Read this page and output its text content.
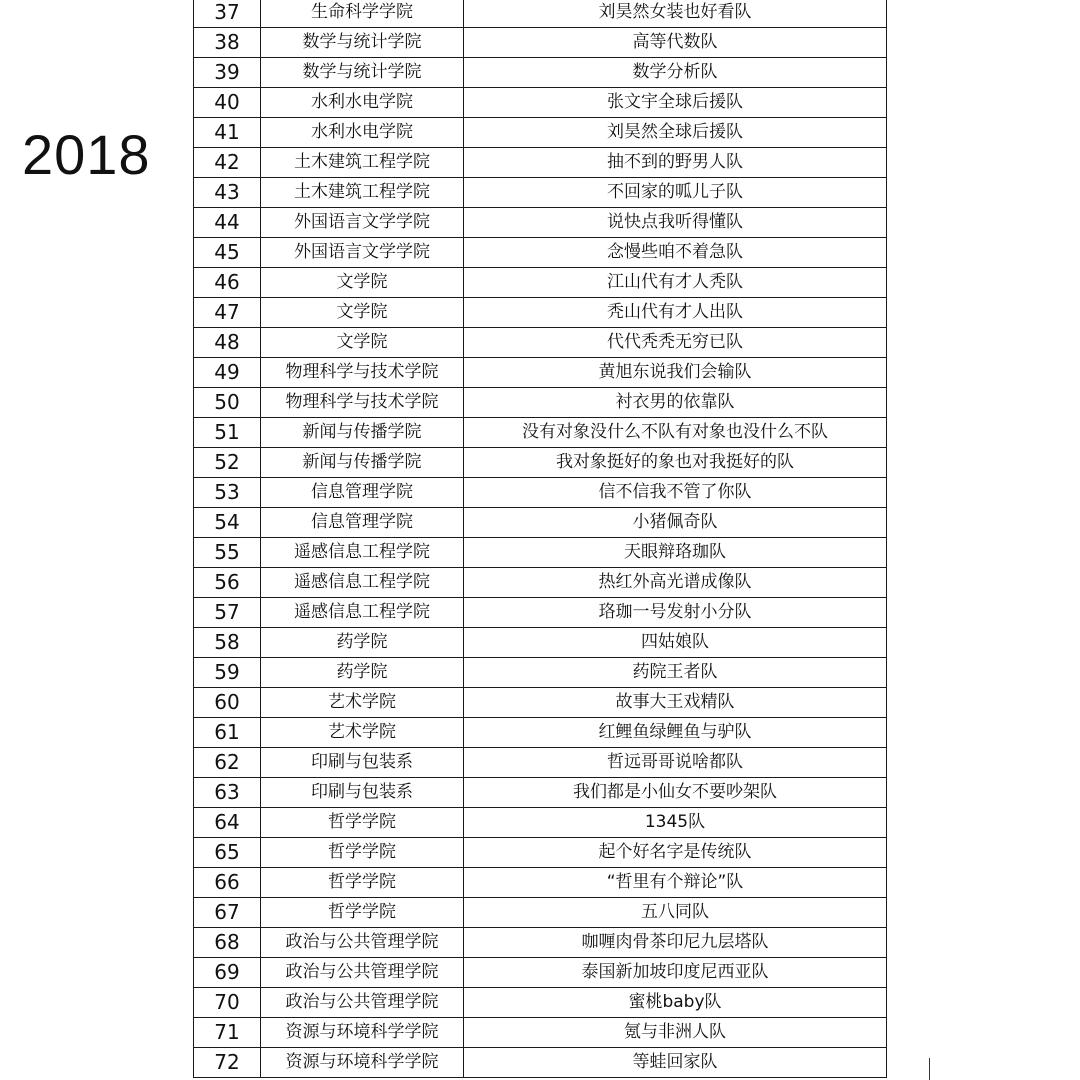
2018
37	生命科学学院	刘昊然女装也好看队
38	数学与统计学院	高等代数队
39	数学与统计学院	数学分析队
40	水利水电学院	张文宇全球后援队
41	水利水电学院	刘昊然全球后援队
42	土木建筑工程学院	抽不到的野男人队
43	土木建筑工程学院	不回家的呱儿子队
44	外国语言文学学院	说快点我听得懂队
45	外国语言文学学院	念慢些咱不着急队
46	文学院	江山代有才人秃队
47	文学院	秃山代有才人出队
48	文学院	代代秃秃无穷已队
49	物理科学与技术学院	黄旭东说我们会输队
50	物理科学与技术学院	衬衣男的依靠队
51	新闻与传播学院	没有对象没什么不队有对象也没什么不队
52	新闻与传播学院	我对象挺好的象也对我挺好的队
53	信息管理学院	信不信我不管了你队
54	信息管理学院	小猪佩奇队
55	遥感信息工程学院	天眼辩珞珈队
56	遥感信息工程学院	热红外高光谱成像队
57	遥感信息工程学院	珞珈一号发射小分队
58	药学院	四姑娘队
59	药学院	药院王者队
60	艺术学院	故事大王戏精队
61	艺术学院	红鲤鱼绿鲤鱼与驴队
62	印刷与包装系	哲远哥哥说啥都队
63	印刷与包装系	我们都是小仙女不要吵架队
64	哲学学院	1345队
65	哲学学院	起个好名字是传统队
66	哲学学院	“哲里有个辩论”队
67	哲学学院	五八同队
68	政治与公共管理学院	咖喱肉骨茶印尼九层塔队
69	政治与公共管理学院	泰国新加坡印度尼西亚队
70	政治与公共管理学院	蜜桃baby队
71	资源与环境科学学院	氪与非洲人队
72	资源与环境科学学院	等蛙回家队
